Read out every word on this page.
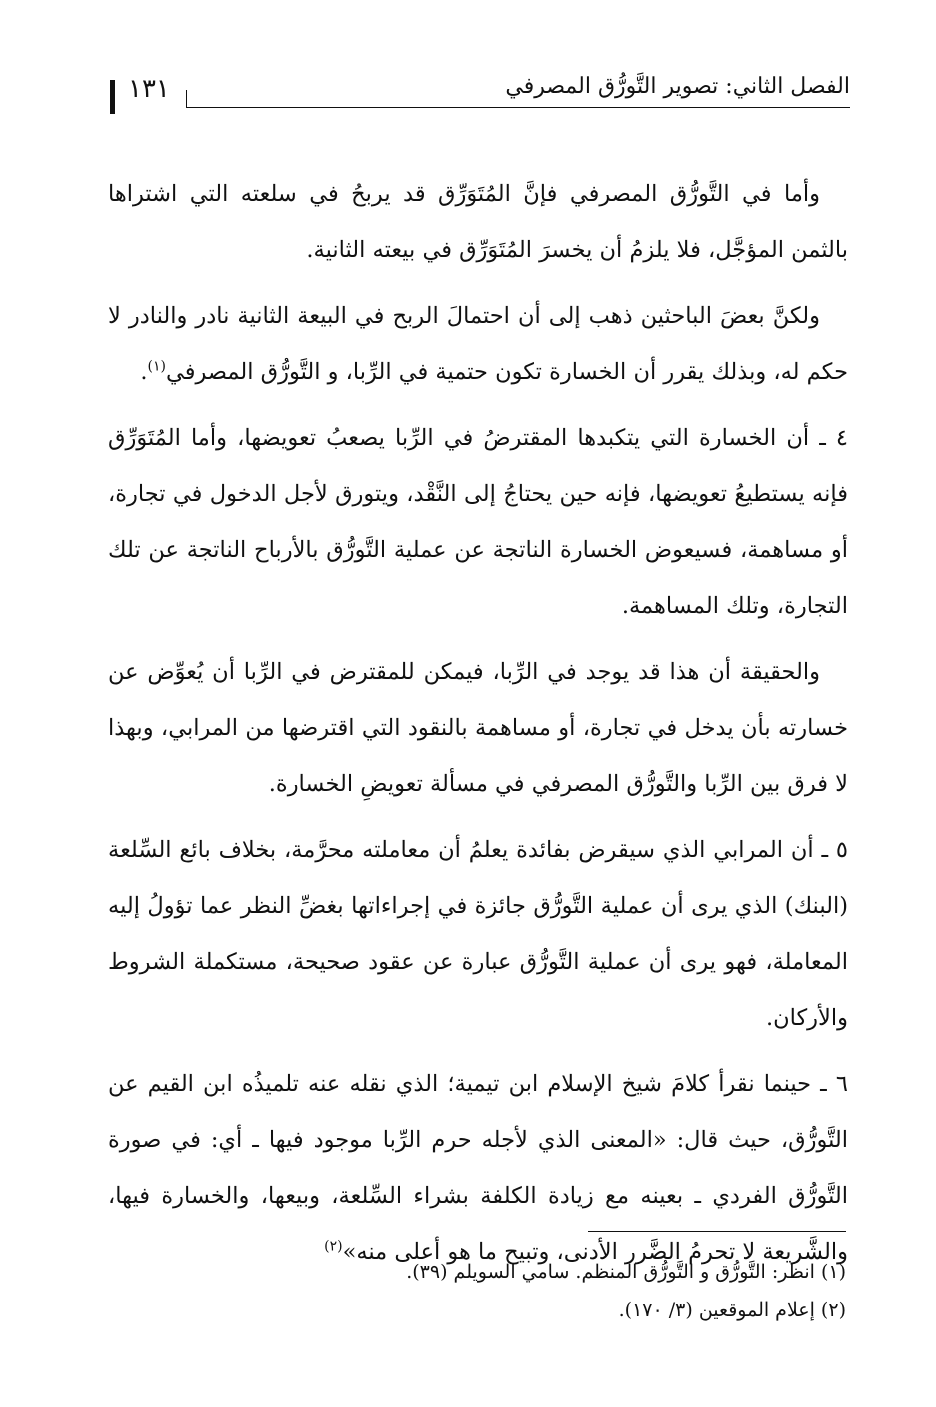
١٣١	الفصل الثاني: تصوير التَّورُّق المصرفي

وأما في التَّورُّق المصرفي فإنَّ المُتَوَرِّق قد يربحُ في سلعته التي اشتراها بالثمن المؤجَّل، فلا يلزمُ أن يخسرَ المُتَوَرِّق في بيعته الثانية.

ولكنَّ بعضَ الباحثين ذهب إلى أن احتمالَ الربح في البيعة الثانية نادر والنادر لا حكم له، وبذلك يقرر أن الخسارة تكون حتمية في الرِّبا، و التَّورُّق المصرفي$^{(١)}$.

٤ ـ أن الخسارة التي يتكبدها المقترضُ في الرِّبا يصعبُ تعويضها، وأما المُتَوَرِّق فإنه يستطيعُ تعويضها، فإنه حين يحتاجُ إلى النَّقْد، ويتورق لأجل الدخول في تجارة، أو مساهمة، فسيعوض الخسارة الناتجة عن عملية التَّورُّق بالأرباح الناتجة عن تلك التجارة، وتلك المساهمة.

والحقيقة أن هذا قد يوجد في الرِّبا، فيمكن للمقترض في الرِّبا أن يُعوِّض عن خسارته بأن يدخل في تجارة، أو مساهمة بالنقود التي اقترضها من المرابي، وبهذا لا فرق بين الرِّبا والتَّورُّق المصرفي في مسألة تعويضِ الخسارة.

٥ ـ أن المرابي الذي سيقرض بفائدة يعلمُ أن معاملته محرَّمة، بخلاف بائع السِّلعة (البنك) الذي يرى أن عملية التَّورُّق جائزة في إجراءاتها بغضِّ النظر عما تؤولُ إليه المعاملة، فهو يرى أن عملية التَّورُّق عبارة عن عقود صحيحة، مستكملة الشروط والأركان.

٦ ـ حينما نقرأ كلامَ شيخ الإسلام ابن تيمية؛ الذي نقله عنه تلميذُه ابن القيم عن التَّورُّق، حيث قال: «المعنى الذي لأجله حرم الرِّبا موجود فيها ـ أي: في صورة التَّورُّق الفردي ـ بعينه مع زيادة الكلفة بشراء السِّلعة، وبيعها، والخسارة فيها، والشَّريعة لا تحرمُ الضَّرر الأدنى، وتبيح ما هو أعلى منه»$^{(٢)}$

(١) انظر: التَّورُّق و التَّورُّق المنظم. سامي السويلم (٣٩).

(٢) إعلام الموقعين (٣/ ١٧٠).
